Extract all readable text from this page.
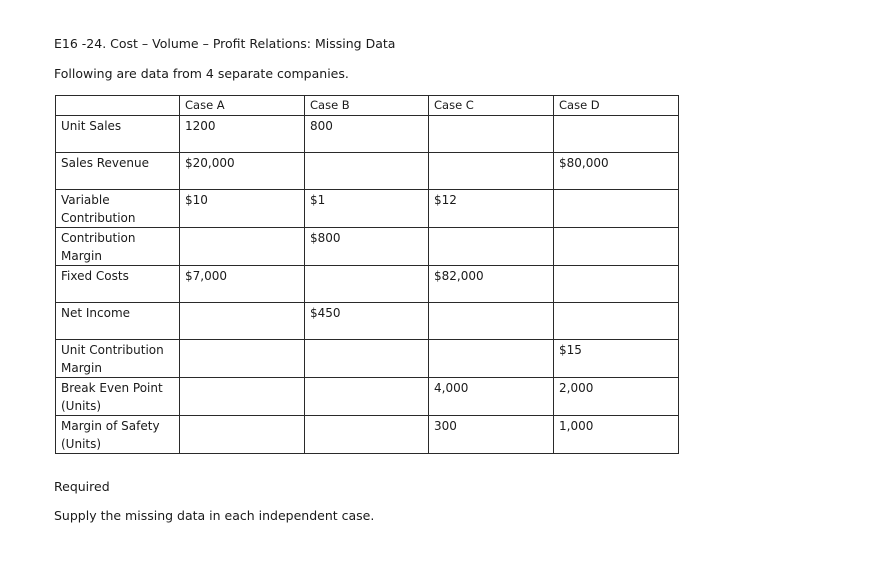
E16 -24. Cost – Volume – Profit Relations: Missing Data
Following are data from 4 separate companies.
	Case A	Case B	Case C	Case D
Unit Sales	1200	800		
Sales Revenue	$20,000			$80,000
Variable Contribution	$10	$1	$12	
Contribution Margin		$800		
Fixed Costs	$7,000		$82,000	
Net Income		$450		
Unit Contribution Margin				$15
Break Even Point (Units)			4,000	2,000
Margin of Safety (Units)			300	1,000
Required
Supply the missing data in each independent case.
